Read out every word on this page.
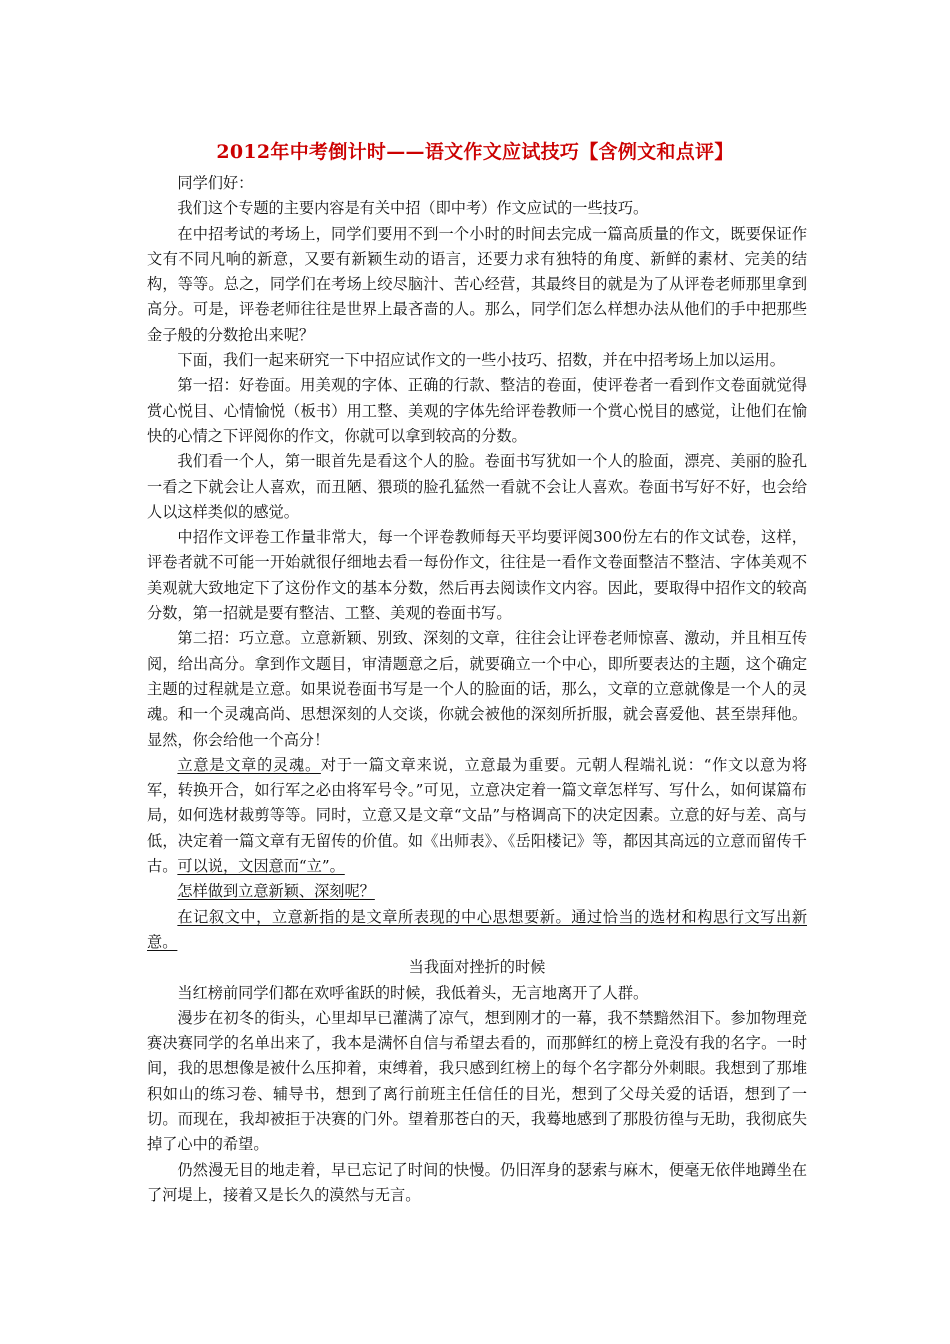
2012年中考倒计时——语文作文应试技巧【含例文和点评】

同学们好：

我们这个专题的主要内容是有关中招（即中考）作文应试的一些技巧。

在中招考试的考场上，同学们要用不到一个小时的时间去完成一篇高质量的作文，既要保证作文有不同凡响的新意，又要有新颖生动的语言，还要力求有独特的角度、新鲜的素材、完美的结构，等等。总之，同学们在考场上绞尽脑汁、苦心经营，其最终目的就是为了从评卷老师那里拿到高分。可是，评卷老师往往是世界上最吝啬的人。那么，同学们怎么样想办法从他们的手中把那些金子般的分数抢出来呢？

下面，我们一起来研究一下中招应试作文的一些小技巧、招数，并在中招考场上加以运用。

第一招：好卷面。用美观的字体、正确的行款、整洁的卷面，使评卷者一看到作文卷面就觉得赏心悦目、心情愉悦（板书）用工整、美观的字体先给评卷教师一个赏心悦目的感觉，让他们在愉快的心情之下评阅你的作文，你就可以拿到较高的分数。

我们看一个人，第一眼首先是看这个人的脸。卷面书写犹如一个人的脸面，漂亮、美丽的脸孔一看之下就会让人喜欢，而丑陋、猥琐的脸孔猛然一看就不会让人喜欢。卷面书写好不好，也会给人以这样类似的感觉。

中招作文评卷工作量非常大，每一个评卷教师每天平均要评阅300份左右的作文试卷，这样，评卷者就不可能一开始就很仔细地去看一每份作文，往往是一看作文卷面整洁不整洁、字体美观不美观就大致地定下了这份作文的基本分数，然后再去阅读作文内容。因此，要取得中招作文的较高分数，第一招就是要有整洁、工整、美观的卷面书写。

第二招：巧立意。立意新颖、别致、深刻的文章，往往会让评卷老师惊喜、激动，并且相互传阅，给出高分。拿到作文题目，审清题意之后，就要确立一个中心，即所要表达的主题，这个确定主题的过程就是立意。如果说卷面书写是一个人的脸面的话，那么，文章的立意就像是一个人的灵魂。和一个灵魂高尚、思想深刻的人交谈，你就会被他的深刻所折服，就会喜爱他、甚至崇拜他。显然，你会给他一个高分！

立意是文章的灵魂。对于一篇文章来说，立意最为重要。元朝人程端礼说：“作文以意为将军，转换开合，如行军之必由将军号令。”可见，立意决定着一篇文章怎样写、写什么，如何谋篇布局，如何选材裁剪等等。同时，立意又是文章“文品”与格调高下的决定因素。立意的好与差、高与低，决定着一篇文章有无留传的价值。如《出师表》、《岳阳楼记》等，都因其高远的立意而留传千古。可以说，文因意而“立”。

怎样做到立意新颖、深刻呢？

在记叙文中，立意新指的是文章所表现的中心思想要新。通过恰当的选材和构思行文写出新意。

当我面对挫折的时候

当红榜前同学们都在欢呼雀跃的时候，我低着头，无言地离开了人群。

漫步在初冬的街头，心里却早已灌满了凉气，想到刚才的一幕，我不禁黯然泪下。参加物理竞赛决赛同学的名单出来了，我本是满怀自信与希望去看的，而那鲜红的榜上竟没有我的名字。一时间，我的思想像是被什么压抑着，束缚着，我只感到红榜上的每个名字都分外刺眼。我想到了那堆积如山的练习卷、辅导书，想到了离行前班主任信任的目光，想到了父母关爱的话语，想到了一切。而现在，我却被拒于决赛的门外。望着那苍白的天，我蓦地感到了那股彷徨与无助，我彻底失掉了心中的希望。

仍然漫无目的地走着，早已忘记了时间的快慢。仍旧浑身的瑟索与麻木，便毫无依伴地蹲坐在了河堤上，接着又是长久的漠然与无言。
